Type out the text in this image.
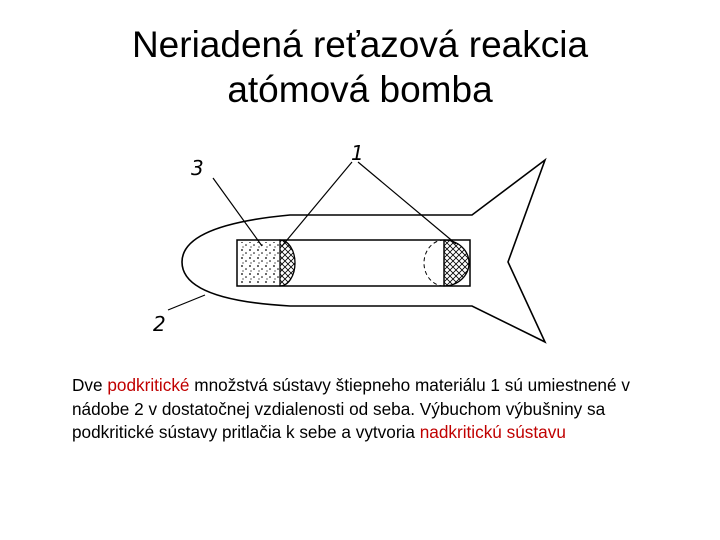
Neriadená reťazová reakcia
atómová bomba
1
3
2
Dve podkritické množstvá sústavy štiepneho materiálu 1 sú umiestnené v nádobe 2 v dostatočnej vzdialenosti od seba. Výbuchom výbušniny sa podkritické sústavy pritlačia k sebe a vytvoria nadkritickú sústavu
